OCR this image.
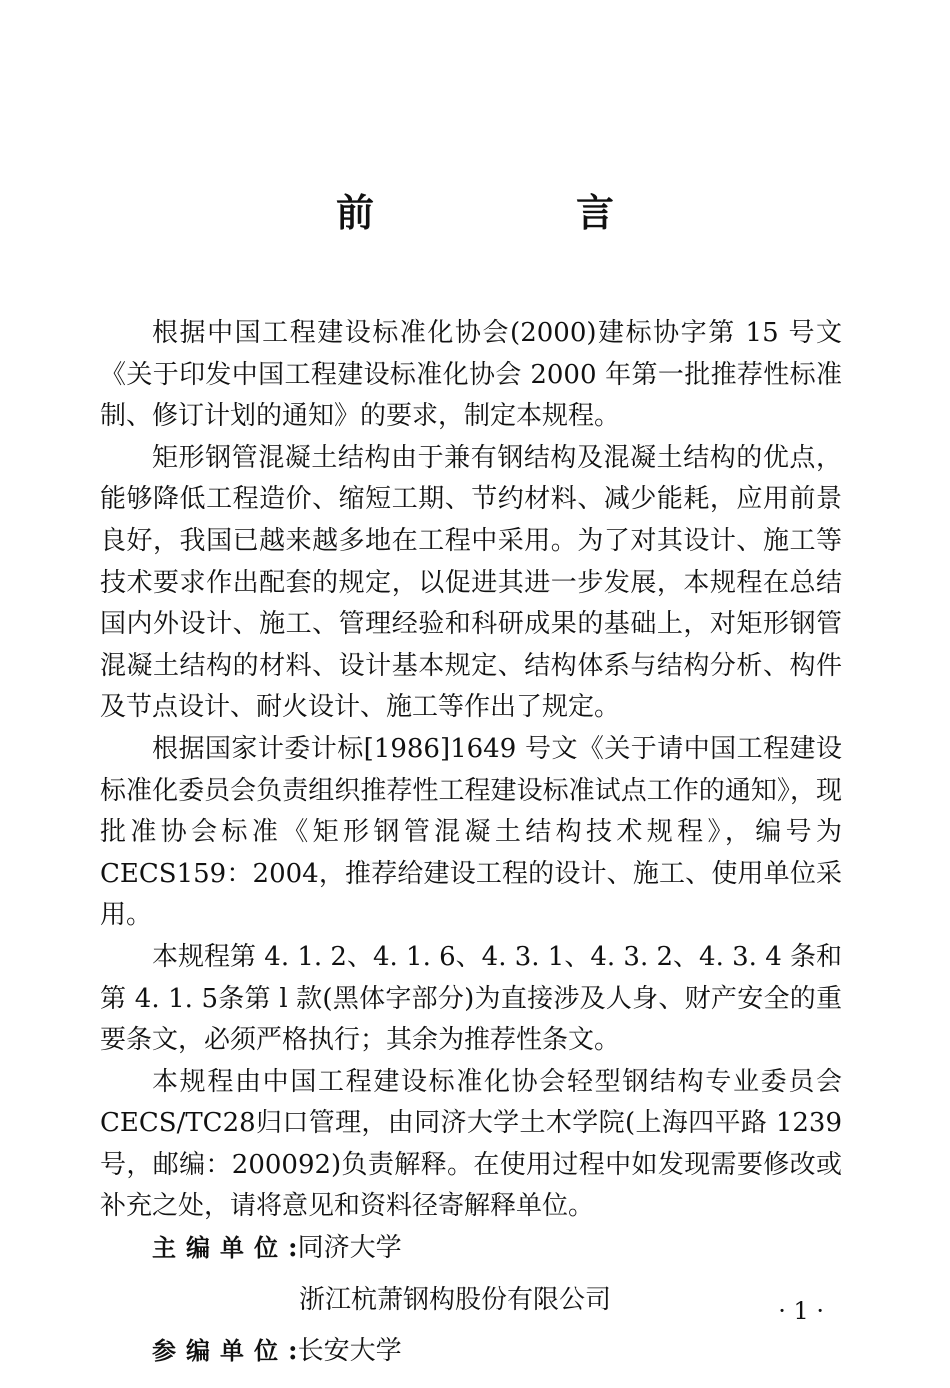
前　言

根据中国工程建设标准化协会(2000)建标协字第 15 号文《关于印发中国工程建设标准化协会 2000 年第一批推荐性标准制、修订计划的通知》的要求，制定本规程。

矩形钢管混凝土结构由于兼有钢结构及混凝土结构的优点，能够降低工程造价、缩短工期、节约材料、减少能耗，应用前景良好，我国已越来越多地在工程中采用。为了对其设计、施工等技术要求作出配套的规定，以促进其进一步发展，本规程在总结国内外设计、施工、管理经验和科研成果的基础上，对矩形钢管混凝土结构的材料、设计基本规定、结构体系与结构分析、构件及节点设计、耐火设计、施工等作出了规定。

根据国家计委计标[1986]1649 号文《关于请中国工程建设标准化委员会负责组织推荐性工程建设标准试点工作的通知》，现批准协会标准《矩形钢管混凝土结构技术规程》，编号为 CECS159：2004，推荐给建设工程的设计、施工、使用单位采用。

本规程第 4. 1. 2、4. 1. 6、4. 3. 1、4. 3. 2、4. 3. 4 条和第 4. 1. 5条第 l 款(黑体字部分)为直接涉及人身、财产安全的重要条文，必须严格执行；其余为推荐性条文。

本规程由中国工程建设标准化协会轻型钢结构专业委员会 CECS/TC28归口管理，由同济大学土木学院(上海四平路 1239 号，邮编：200092)负责解释。在使用过程中如发现需要修改或补充之处，请将意见和资料径寄解释单位。

主编单位:同济大学
浙江杭萧钢构股份有限公司
参编单位:长安大学
· 1 ·
